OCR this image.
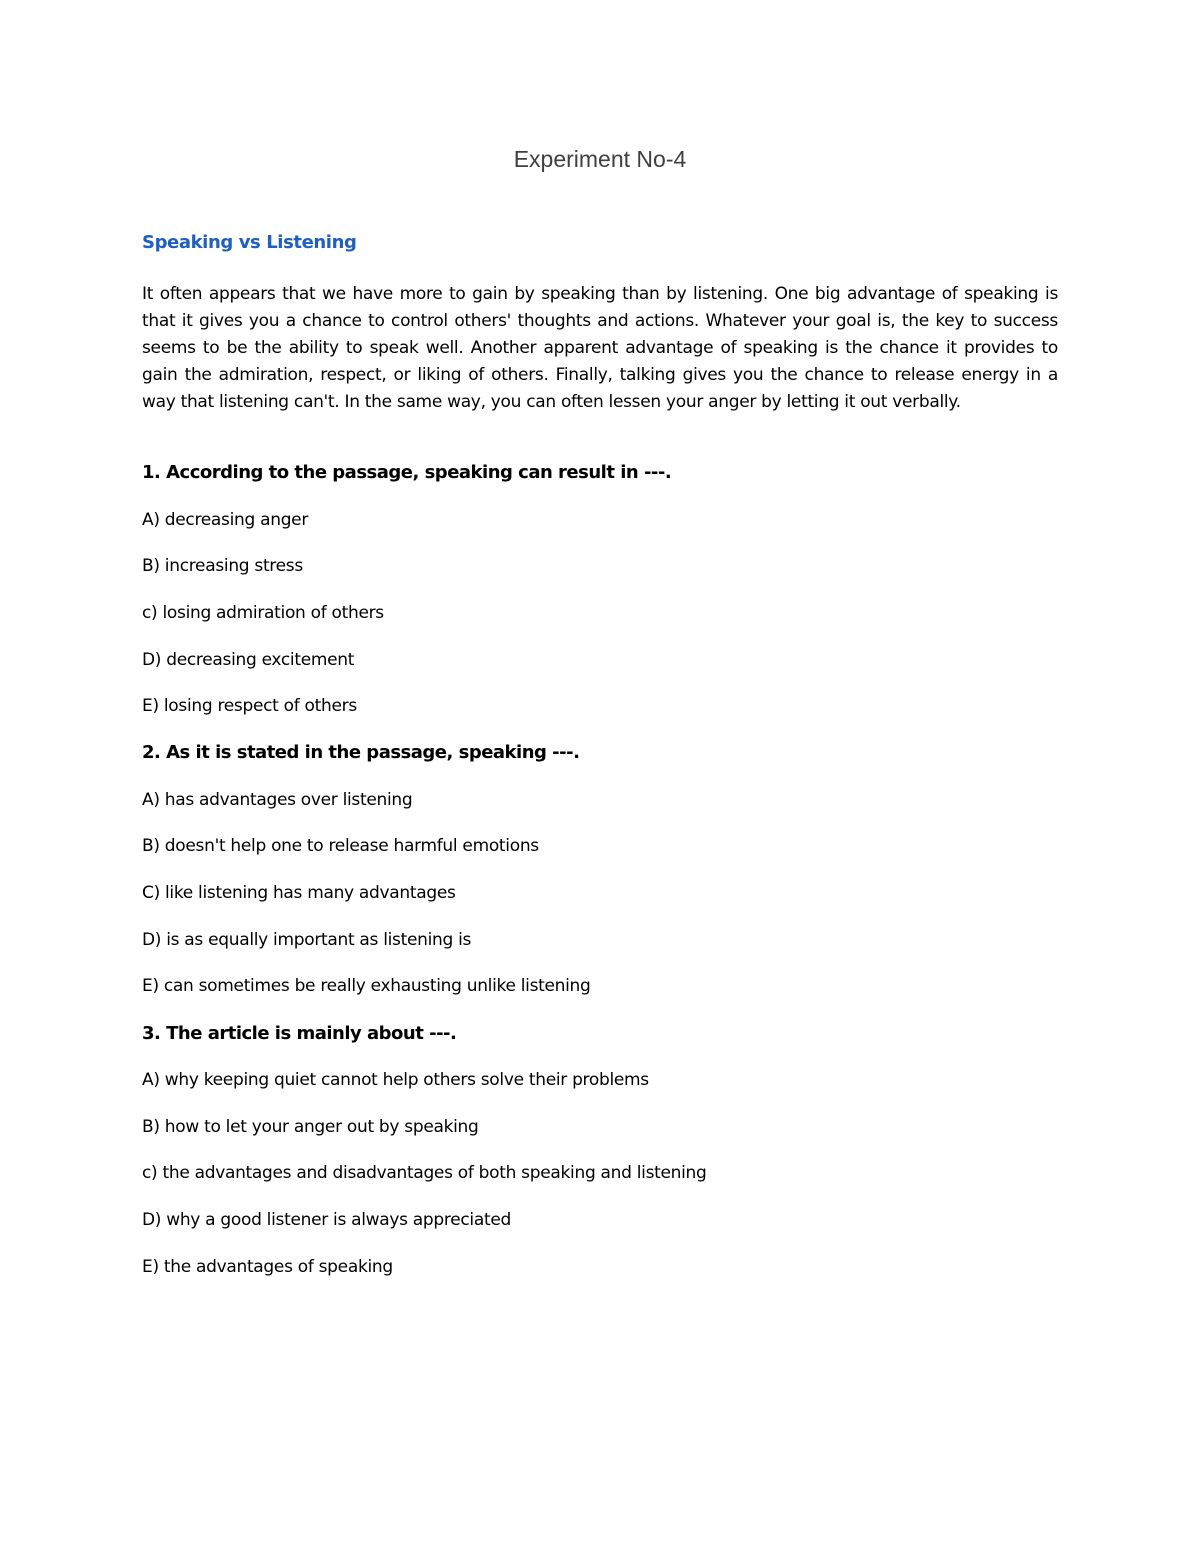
Experiment No-4
Speaking vs Listening

It often appears that we have more to gain by speaking than by listening. One big advantage of speaking is that it gives you a chance to control others' thoughts and actions. Whatever your goal is, the key to success seems to be the ability to speak well. Another apparent advantage of speaking is the chance it provides to gain the admiration, respect, or liking of others. Finally, talking gives you the chance to release energy in a way that listening can't. In the same way, you can often lessen your anger by letting it out verbally.

1. According to the passage, speaking can result in ---.

A) decreasing anger

B) increasing stress

c) losing admiration of others

D) decreasing excitement

E) losing respect of others

2. As it is stated in the passage, speaking ---.

A) has advantages over listening

B) doesn't help one to release harmful emotions

C) like listening has many advantages

D) is as equally important as listening is

E) can sometimes be really exhausting unlike listening

3. The article is mainly about ---.

A) why keeping quiet cannot help others solve their problems

B) how to let your anger out by speaking

c) the advantages and disadvantages of both speaking and listening

D) why a good listener is always appreciated

E) the advantages of speaking
